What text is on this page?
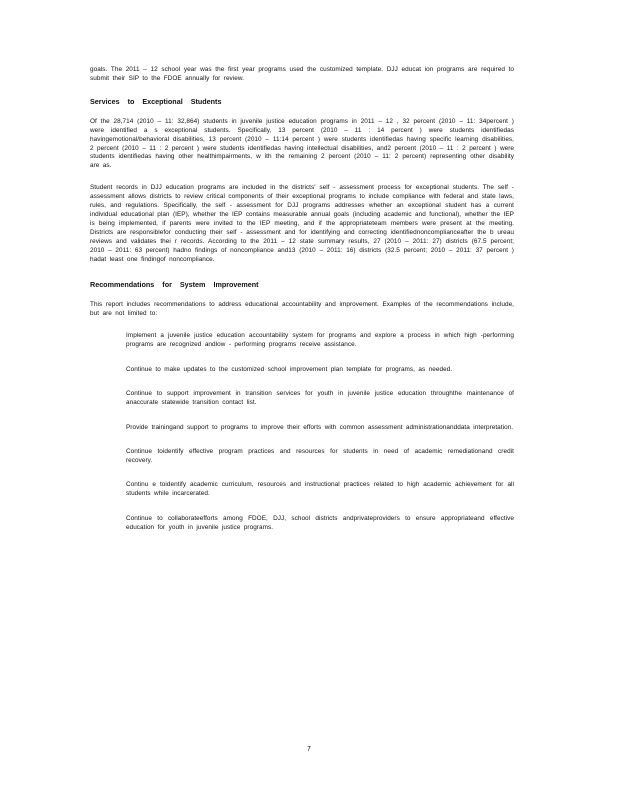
goals. The 2011 – 12 school year was the first year programs used the customized template. DJJ educat ion programs are required to submit their SIP to the FDOE annually for review.

Services to Exceptional Students

Of the 28,714 (2010 – 11: 32,864) students in juvenile justice education programs in 2011 – 12 , 32 percent (2010 – 11: 34percent ) were identified a s exceptional students. Specifically, 13 percent (2010 – 11 : 14 percent ) were students identifiedas havingemotional/behavioral disabilities, 13 percent (2010 – 11:14 percent ) were students identifiedas having specific learning disabilities, 2 percent (2010 – 11 : 2 percent ) were students identifiedas having intellectual disabilities, and2 percent (2010 – 11 : 2 percent ) were students identifiedas having other healthimpairments, w ith the remaining 2 percent (2010 – 11: 2 percent) representing other disability are as.

Student records in DJJ education programs are included in the districts' self - assessment process for exceptional students. The self - assessment allows districts to review critical components of their exceptional programs to include compliance with federal and state laws, rules, and regulations. Specifically, the self - assessment for DJJ programs addresses whether an exceptional student has a current individual educational plan (IEP), whether the IEP contains measurable annual goals (including academic and functional), whether the IEP is being implemented, if parents were invited to the IEP meeting, and if the appropriateteam members were present at the meeting. Districts are responsiblefor conducting their self - assessment and for identifying and correcting identifiednoncomplianceafter the b ureau reviews and validates thei r records. According to the 2011 – 12 state summary results, 27 (2010 – 2011: 27) districts (67.5 percent; 2010 – 2011: 63 percent) hadno findings of noncompliance and13 (2010 – 2011: 16) districts (32.5 percent; 2010 – 2011: 37 percent ) hadat least one findingof noncompliance.

Recommendations for System Improvement

This report includes recommendations to address educational accountability and improvement. Examples of the recommendations include, but are not limited to:

Implement a juvenile justice education accountability system for programs and explore a process in which high -performing programs are recognized andlow - performing programs receive assistance.

Continue to make updates to the customized school improvement plan template for programs, as needed.

Continue to support improvement in transition services for youth in juvenile justice education throughthe maintenance of anaccurate statewide transition contact list.

Provide trainingand support to programs to improve their efforts with common assessment administrationanddata interpretation.

Continue toidentify effective program practices and resources for students in need of academic remediationand credit recovery.

Continu e toidentify academic curriculum, resources and instructional practices related to high academic achievement for all students while incarcerated.

Continue to collaborateefforts among FDOE, DJJ, school districts andprivateproviders to ensure appropriateand effective education for youth in juvenile justice programs.

7
